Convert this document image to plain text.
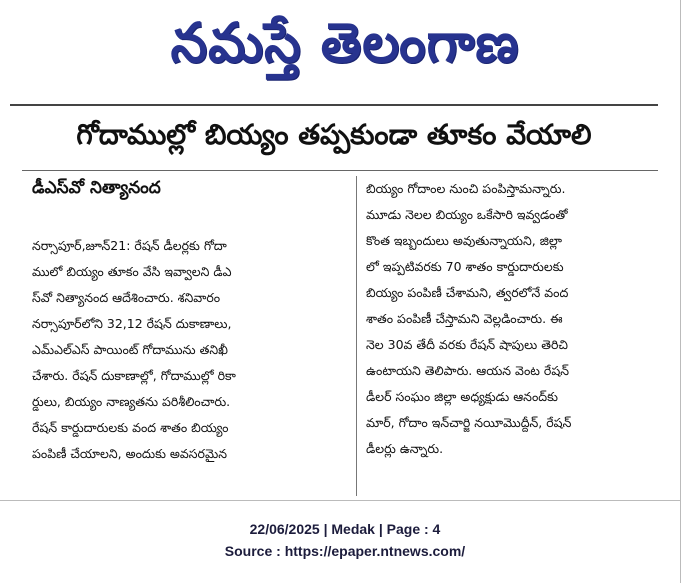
నమస్తే తెలంగాణ
గోదాముల్లో బియ్యం తప్పకుండా తూకం వేయాలి
డీఎస్‌వో నిత్యానంద
నర్సాపూర్,జూన్21: రేషన్ డీలర్లకు గోదా
ములో బియ్యం తూకం వేసి ఇవ్వాలని డీఎ
స్‌వో నిత్యానంద ఆదేశించారు. శనివారం
నర్సాపూర్‌లోని 32,12 రేషన్ దుకాణాలు,
ఎమ్‌ఎల్‌ఎస్ పాయింట్ గోదామును తనిఖీ
చేశారు. రేషన్ దుకాణాల్లో, గోదాముల్లో రికా
ర్డులు, బియ్యం నాణ్యతను పరిశీలించారు.
రేషన్ కార్డుదారులకు వంద శాతం బియ్యం
పంపిణీ చేయాలని, అందుకు అవసరమైన
బియ్యం గోదాంల నుంచి పంపిస్తామన్నారు.
మూడు నెలల బియ్యం ఒకేసారి ఇవ్వడంతో
కొంత ఇబ్బందులు అవుతున్నాయని, జిల్లా
లో ఇప్పటివరకు 70 శాతం కార్డుదారులకు
బియ్యం పంపిణీ చేశామని, త్వరలోనే వంద
శాతం పంపిణీ చేస్తామని వెల్లడించారు. ఈ
నెల 30వ తేదీ వరకు రేషన్ షాపులు తెరిచి
ఉంటాయని తెలిపారు. ఆయన వెంట రేషన్
డీలర్ సంఘం జిల్లా అధ్యక్షుడు ఆనంద్‌కు
మార్, గోదాం ఇన్‌చార్జి నయీమొద్దీన్, రేషన్
డీలర్లు ఉన్నారు.
22/06/2025 | Medak | Page : 4
Source : https://epaper.ntnews.com/
